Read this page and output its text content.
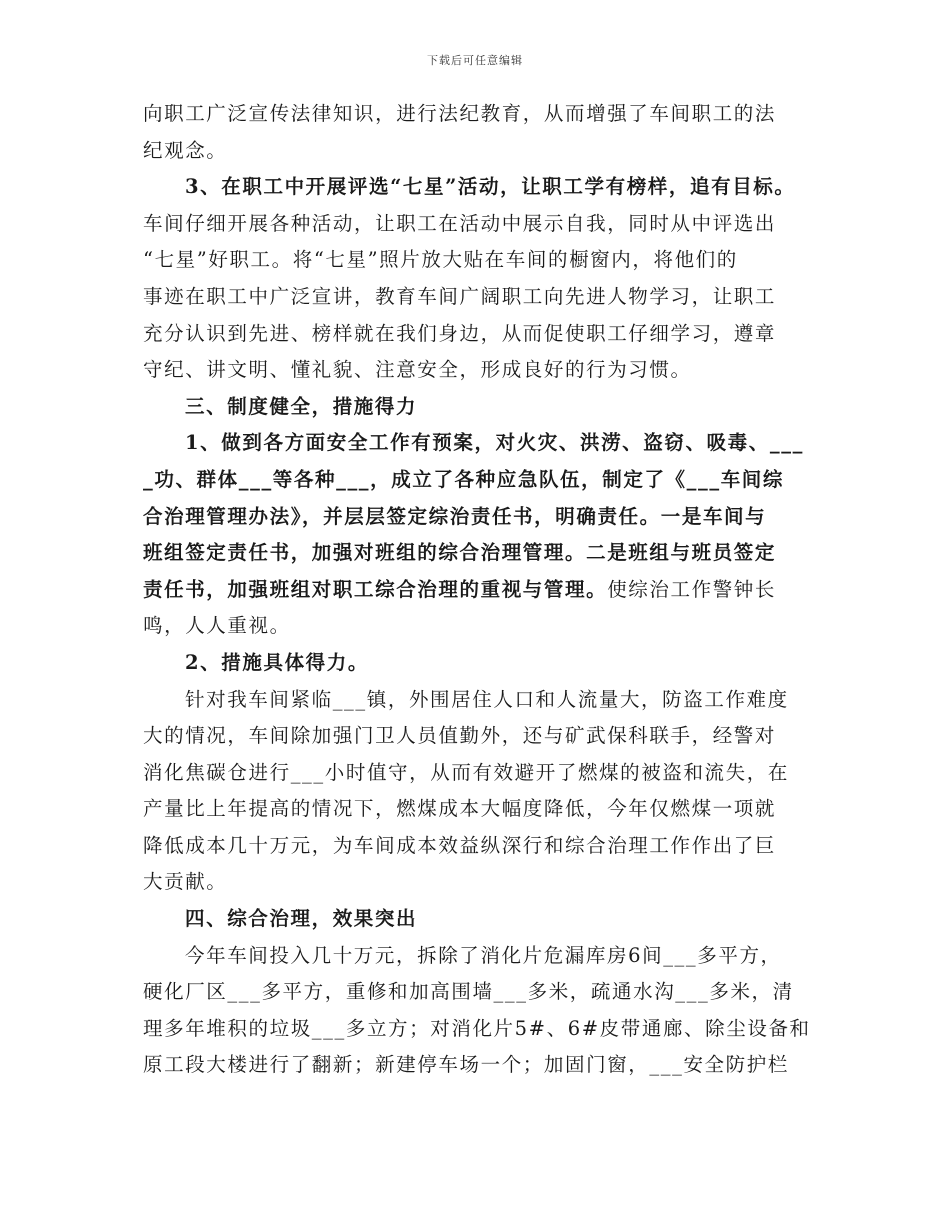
下载后可任意编辑
向职工广泛宣传法律知识，进行法纪教育，从而增强了车间职工的法
纪观念。
3、在职工中开展评选“七星”活动，让职工学有榜样，追有目标。
车间仔细开展各种活动，让职工在活动中展示自我，同时从中评选出
“七星”好职工。将“七星”照片放大贴在车间的橱窗内，将他们的
事迹在职工中广泛宣讲，教育车间广阔职工向先进人物学习，让职工
充分认识到先进、榜样就在我们身边，从而促使职工仔细学习，遵章
守纪、讲文明、懂礼貌、注意安全，形成良好的行为习惯。
三、制度健全，措施得力
1、做到各方面安全工作有预案，对火灾、洪涝、盗窃、吸毒、___
_功、群体___等各种___，成立了各种应急队伍，制定了《___车间综
合治理管理办法》，并层层签定综治责任书，明确责任。一是车间与
班组签定责任书，加强对班组的综合治理管理。二是班组与班员签定
责任书，加强班组对职工综合治理的重视与管理。使综治工作警钟长
鸣，人人重视。
2、措施具体得力。
针对我车间紧临___镇，外围居住人口和人流量大，防盗工作难度
大的情况，车间除加强门卫人员值勤外，还与矿武保科联手，经警对
消化焦碳仓进行___小时值守，从而有效避开了燃煤的被盗和流失，在
产量比上年提高的情况下，燃煤成本大幅度降低，今年仅燃煤一项就
降低成本几十万元，为车间成本效益纵深行和综合治理工作作出了巨
大贡献。
四、综合治理，效果突出
今年车间投入几十万元，拆除了消化片危漏库房6间___多平方，
硬化厂区___多平方，重修和加高围墙___多米，疏通水沟___多米，清
理多年堆积的垃圾___多立方；对消化片5#、6#皮带通廊、除尘设备和
原工段大楼进行了翻新；新建停车场一个；加固门窗，___安全防护栏
